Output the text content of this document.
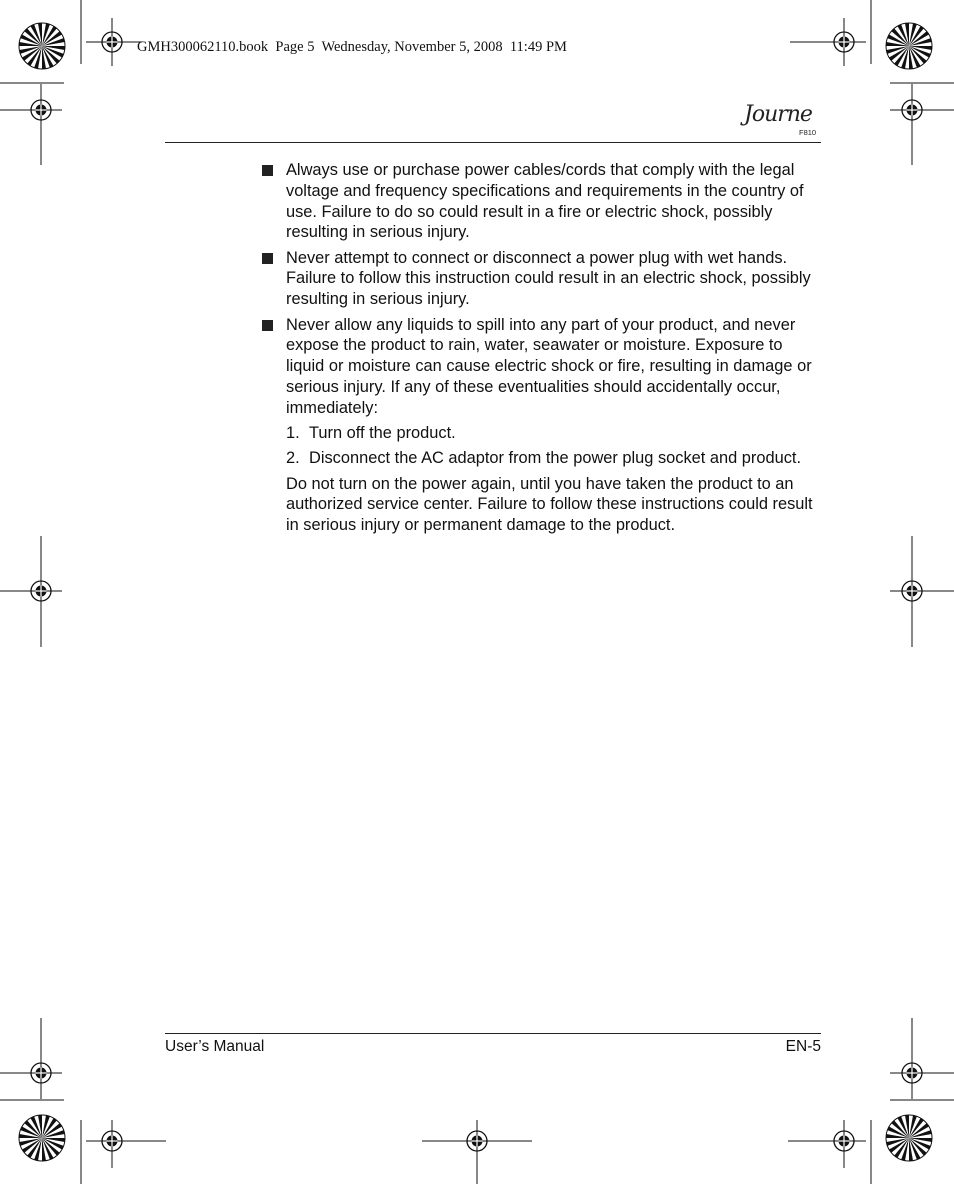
GMH300062110.book  Page 5  Wednesday, November 5, 2008  11:49 PM
Journe
F810
Always use or purchase power cables/cords that comply with the legal voltage and frequency specifications and requirements in the country of use. Failure to do so could result in a fire or electric shock, possibly resulting in serious injury.
Never attempt to connect or disconnect a power plug with wet hands. Failure to follow this instruction could result in an electric shock, possibly resulting in serious injury.
Never allow any liquids to spill into any part of your product, and never expose the product to rain, water, seawater or moisture. Exposure to liquid or moisture can cause electric shock or fire, resulting in damage or serious injury. If any of these eventualities should accidentally occur, immediately:
1. Turn off the product.
2. Disconnect the AC adaptor from the power plug socket and product.
Do not turn on the power again, until you have taken the product to an authorized service center. Failure to follow these instructions could result in serious injury or permanent damage to the product.
User’s Manual	EN-5
